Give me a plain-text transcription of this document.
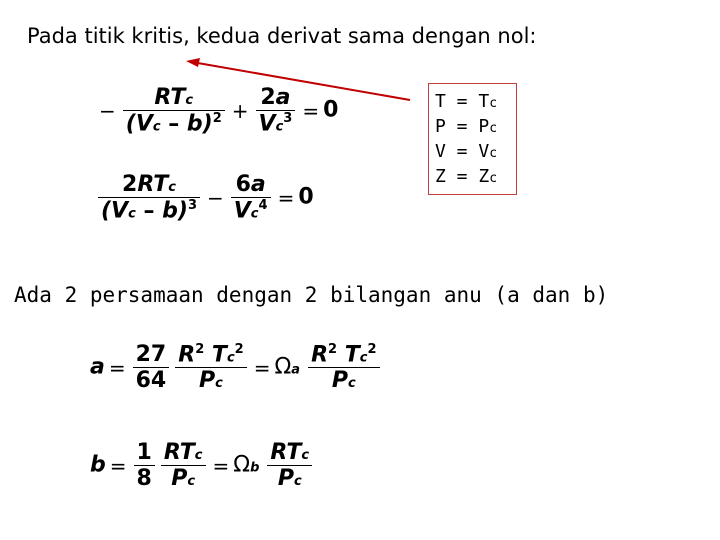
Pada titik kritis, kedua derivat sama dengan nol:
− $\frac{\text{RTc}}{(Vc - b)^2} + \frac{2a}{Vc^3} = 0$
$\frac{\text{2RTc}}{(Vc - b)^3} - \frac{6a}{Vc^4} = 0$
T = Tc
P = Pc
V = Vc
Z = Zc
Ada 2 persamaan dengan 2 bilangan anu (a dan b)
$a = \frac{27}{64} \frac{R^2 Tc^2}{Pc} = \Omega a \frac{R^2 Tc^2}{Pc}$
$b = \frac{1}{8} \frac{\text{RTc}}{Pc} = \Omega b \frac{\text{RTc}}{Pc}$
